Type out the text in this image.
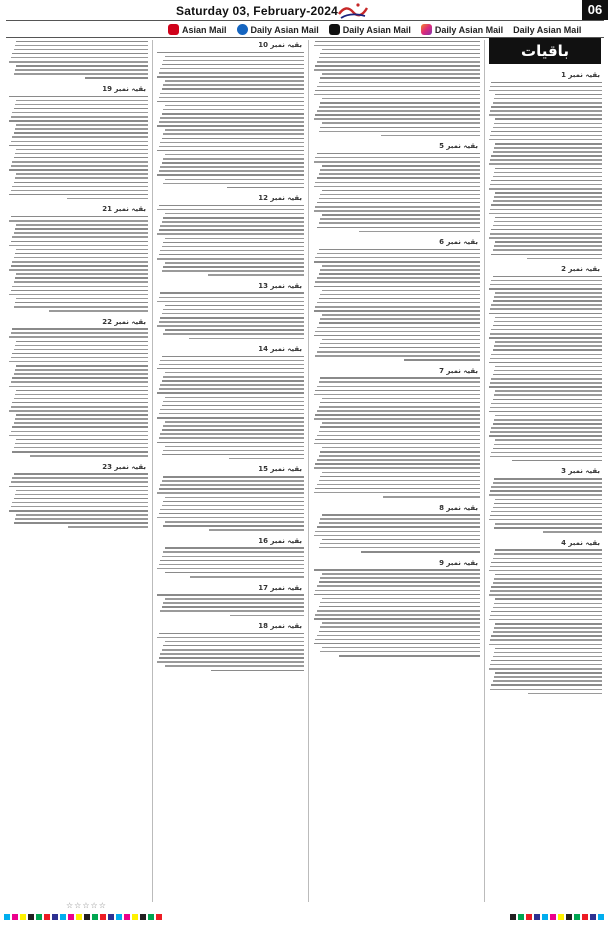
Saturday 03, February-2024	06
Asian Mail	Daily Asian Mail	Daily Asian Mail	Daily Asian Mail Daily Asian Mail
باقیات
بقیہ نمبر 19
بقیہ نمبر 21
بقیہ نمبر 22
بقیہ نمبر 23
بقیہ نمبر 10
بقیہ نمبر 12
بقیہ نمبر 13
بقیہ نمبر 14
بقیہ نمبر 15
بقیہ نمبر 16
بقیہ نمبر 17
بقیہ نمبر 18
بقیہ نمبر 5
بقیہ نمبر 6
بقیہ نمبر 7
بقیہ نمبر 8
بقیہ نمبر 9
بقیہ نمبر 1
بقیہ نمبر 2
بقیہ نمبر 3
بقیہ نمبر 4
☆☆☆☆☆
